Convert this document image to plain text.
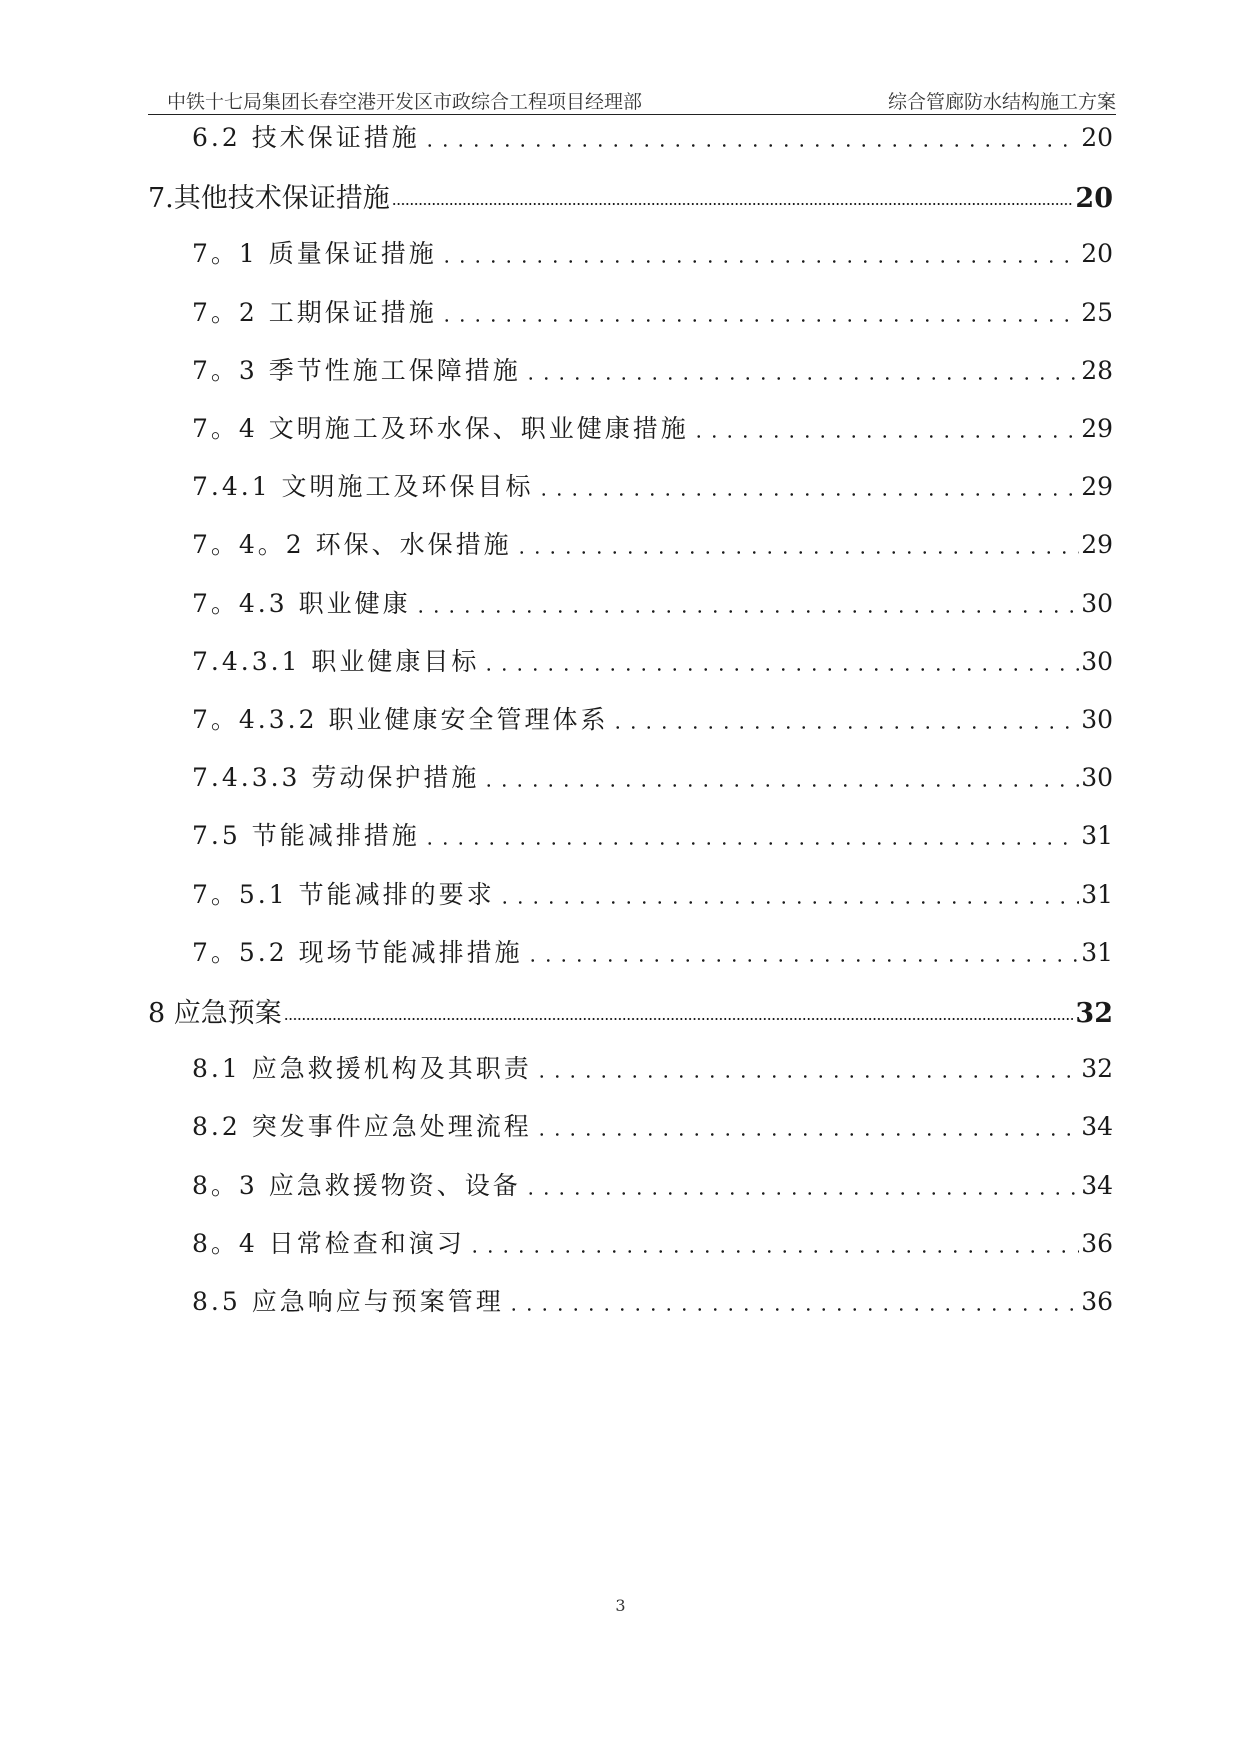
中铁十七局集团长春空港开发区市政综合工程项目经理部	综合管廊防水结构施工方案
6.2 技术保证措施	20
7.其他技术保证措施	20
7。1 质量保证措施	20
7。2 工期保证措施	25
7。3 季节性施工保障措施	28
7。4 文明施工及环水保、职业健康措施	29
7.4.1 文明施工及环保目标	29
7。4。2 环保、水保措施	29
7。4.3 职业健康	30
7.4.3.1 职业健康目标	30
7。4.3.2 职业健康安全管理体系	30
7.4.3.3 劳动保护措施	30
7.5 节能减排措施	31
7。5.1 节能减排的要求	31
7。5.2 现场节能减排措施	31
8 应急预案	32
8.1 应急救援机构及其职责	32
8.2 突发事件应急处理流程	34
8。3 应急救援物资、设备	34
8。4 日常检查和演习	36
8.5 应急响应与预案管理	36
3
